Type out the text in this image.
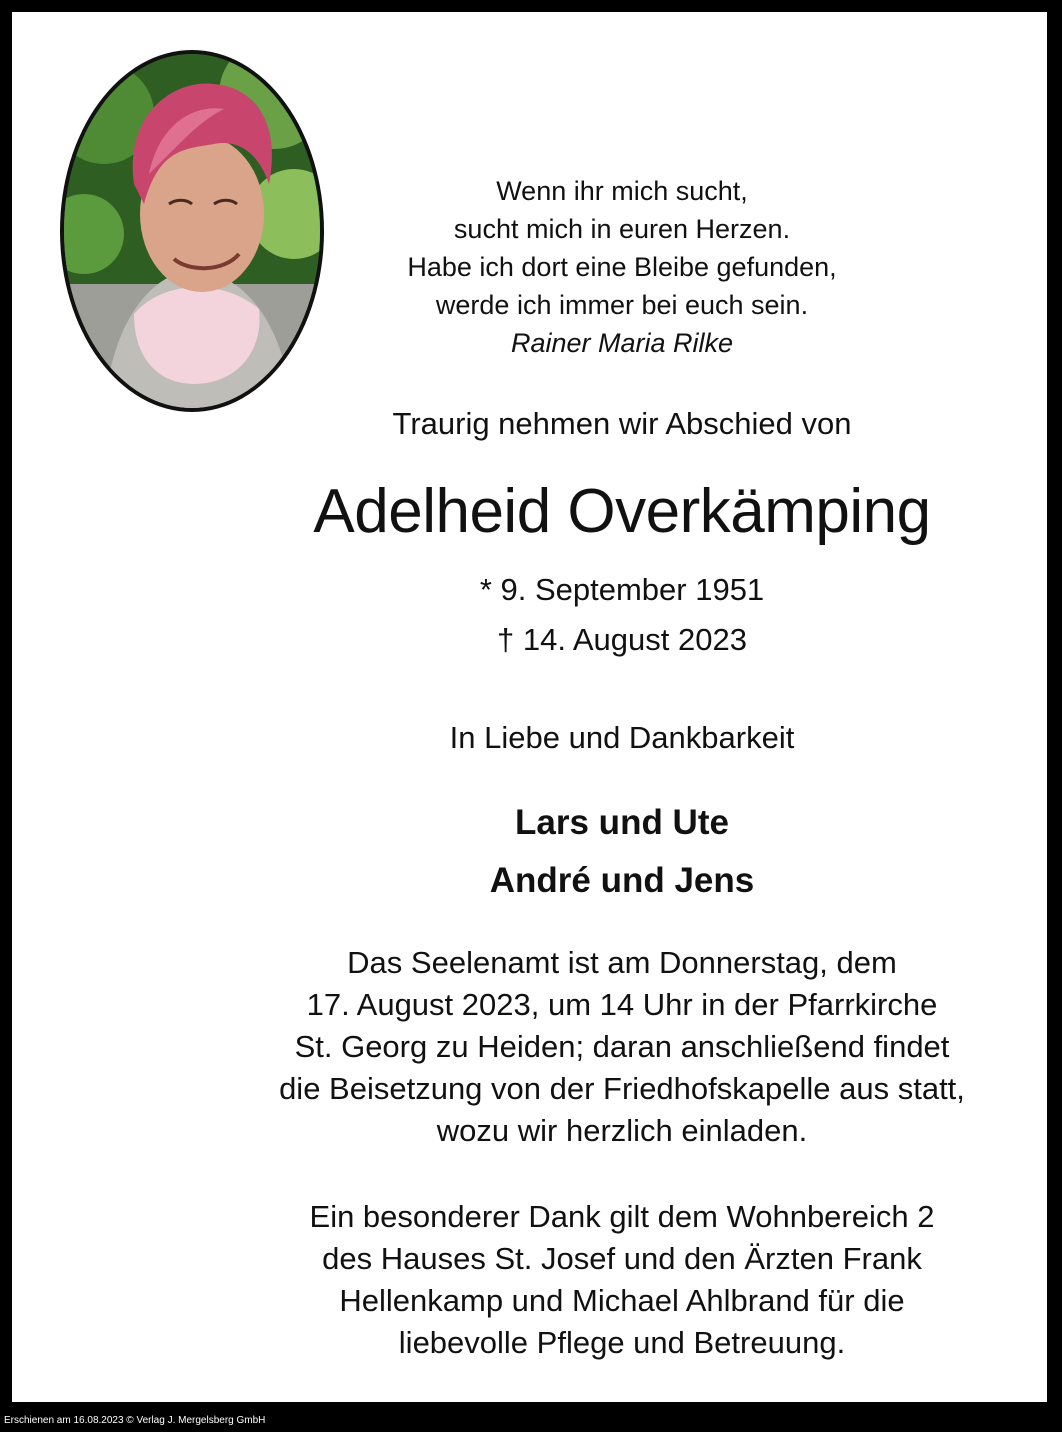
Wenn ihr mich sucht,
sucht mich in euren Herzen.
Habe ich dort eine Bleibe gefunden,
werde ich immer bei euch sein.
Rainer Maria Rilke
Traurig nehmen wir Abschied von
Adelheid Overkämping
* 9. September 1951
† 14. August 2023
In Liebe und Dankbarkeit
Lars und Ute
André und Jens
Das Seelenamt ist am Donnerstag, dem
17. August 2023, um 14 Uhr in der Pfarrkirche
St. Georg zu Heiden; daran anschließend findet
die Beisetzung von der Friedhofskapelle aus statt,
wozu wir herzlich einladen.
Ein besonderer Dank gilt dem Wohnbereich 2
des Hauses St. Josef und den Ärzten Frank
Hellenkamp und Michael Ahlbrand für die
liebevolle Pflege und Betreuung.
Erschienen am 16.08.2023 © Verlag J. Mergelsberg GmbH
